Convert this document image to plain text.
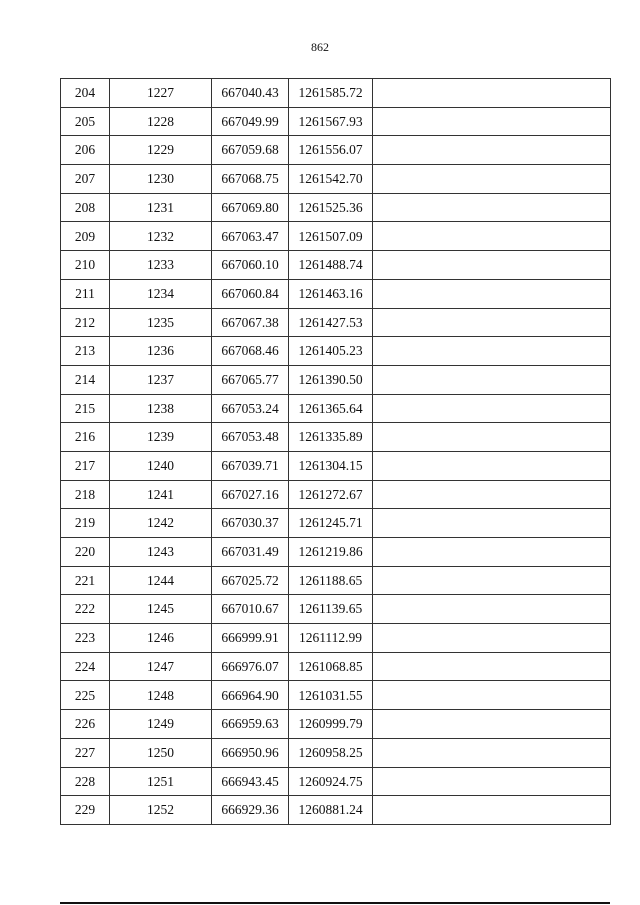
862
204	1227	667040.43	1261585.72	
205	1228	667049.99	1261567.93	
206	1229	667059.68	1261556.07	
207	1230	667068.75	1261542.70	
208	1231	667069.80	1261525.36	
209	1232	667063.47	1261507.09	
210	1233	667060.10	1261488.74	
211	1234	667060.84	1261463.16	
212	1235	667067.38	1261427.53	
213	1236	667068.46	1261405.23	
214	1237	667065.77	1261390.50	
215	1238	667053.24	1261365.64	
216	1239	667053.48	1261335.89	
217	1240	667039.71	1261304.15	
218	1241	667027.16	1261272.67	
219	1242	667030.37	1261245.71	
220	1243	667031.49	1261219.86	
221	1244	667025.72	1261188.65	
222	1245	667010.67	1261139.65	
223	1246	666999.91	1261112.99	
224	1247	666976.07	1261068.85	
225	1248	666964.90	1261031.55	
226	1249	666959.63	1260999.79	
227	1250	666950.96	1260958.25	
228	1251	666943.45	1260924.75	
229	1252	666929.36	1260881.24	
